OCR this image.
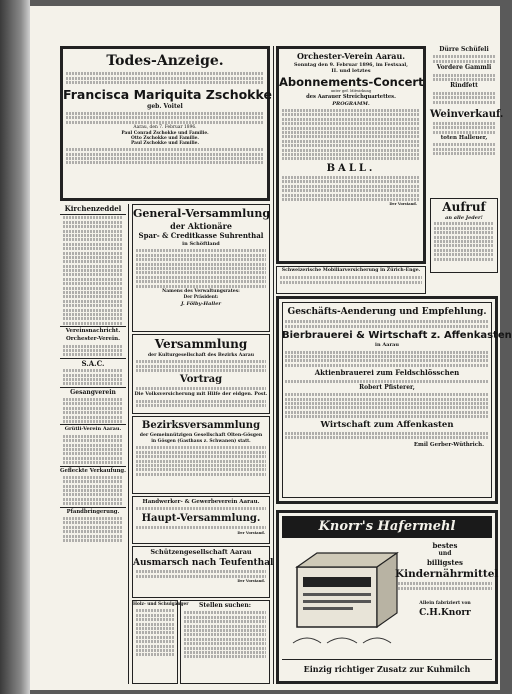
Todes-Anzeige.
Francisca Mariquita Zschokke
geb. Voitel
Aarau, den 7. Februar 1896.
Paul Conrad Zschokke und Familie.
Otto Zschokke und Familie.
Paul Zschokke und Familie.
Orchester-Verein Aarau.
Sonntag den 9. Februar 1896, im Festsaal,
II. und letztes
Abonnements-Concert
unter gef. Mitwirkung
des Aarauer Streichquartettes.
PROGRAMM.
BALL.
Der Vorstand.
Dürre Schüfeli
Vordere Gammli
Rindfett
Weinverkauf.
toten Halleuer,
Aufruf
an alle Jeder!
Kirchenzeddel
Vereinsnachricht.
Orchester-Verein.
S.A.C.
Gesangverein
Grütli-Verein Aarau.
Gefleckte Verkaufung.
Pfandbringerung.
General-Versammlung
der Aktionäre
Spar- & Creditkasse Suhrenthal
in Schöftland
Namens des Verwaltungsrates:
Der Präsident:
J. Fölby-Haller
Versammlung
der Kulturgesellschaft des Bezirks Aarau
Vortrag
Die Volksversicherung mit Hilfe der eidgen. Post.
Bezirksversammlung
der Gemeinnützigen Gesellschaft Olten-Gösgen
in Gösgen (Gasthaus z. Schwanen) statt.
Handwerker- & Gewerbeverein Aarau.
Haupt-Versammlung.
Der Vorstand.
Schützengesellschaft Aarau
Ausmarsch nach Teufenthal
Der Vorstand.
Holz- und Schulgänger	Stellen suchen:
Schweizerische Mobiliarversicherung in Zürich-Enge.
Geschäfts-Aenderung und Empfehlung.
Bierbrauerei & Wirtschaft z. Affenkasten
in Aarau
Aktienbrauerei zum Feldschlösschen
Robert Pfisterer,
Wirtschaft zum Affenkasten
Emil Gerber-Wüthrich.
Knorr's Hafermehl
bestes
und
billigstes
Kindernährmittel
Allein fabriziert von
C.H.Knorr
Einzig richtiger Zusatz zur Kuhmilch
